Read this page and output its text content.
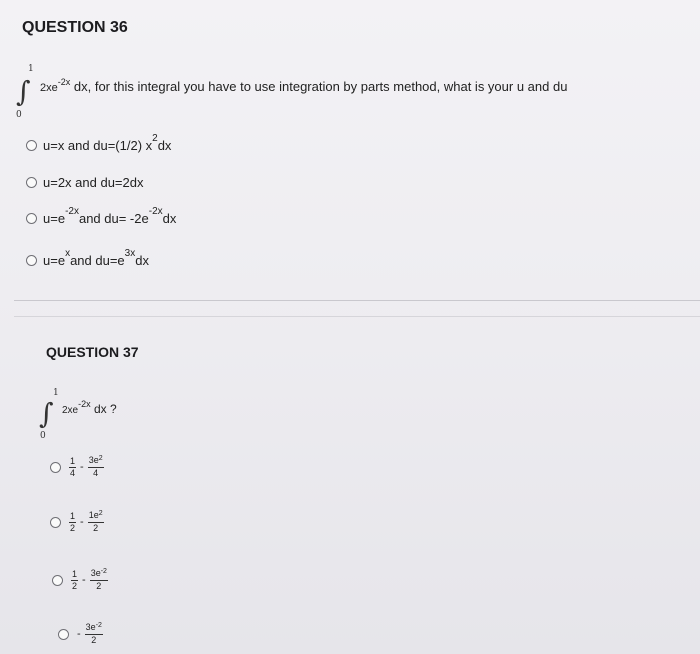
QUESTION 36
1
∫
0
$2xe^{-2x}$ dx, for this integral you have to use integration by parts method, what is your u and du
u=x and du=(1/2) x $^2$ dx
u=2x and du=2dx
u=e $^{-2x}$ and du= -2e $^{-2x}$ dx
u=e $^x$ and du=e $^{3x}$ dx
QUESTION 37
1
∫
0
$2xe^{-2x}$ dx ?
$\frac{1}{4} - \frac{3e^2}{4}$
$\frac{1}{2} - \frac{1e^2}{2}$
$\frac{1}{2} - \frac{3e^{-2}}{2}$
- $\frac{3e^{-2}}{2}$
